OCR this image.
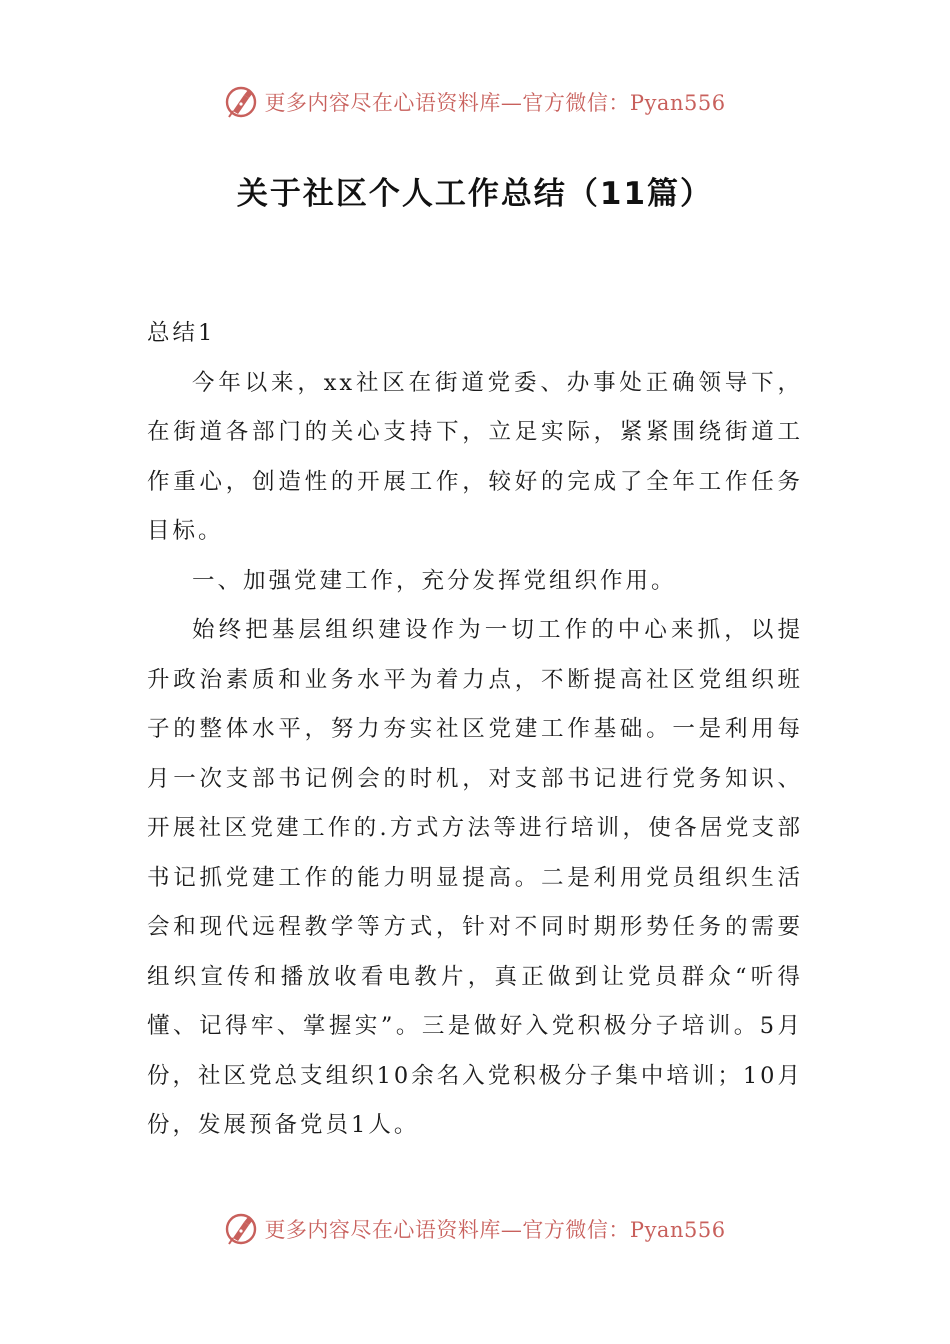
更多内容尽在心语资料库—官方微信：Pyan556
关于社区个人工作总结（11篇）

总结1

今年以来，xx社区在街道党委、办事处正确领导下，在街道各部门的关心支持下，立足实际，紧紧围绕街道工作重心，创造性的开展工作，较好的完成了全年工作任务目标。

一、加强党建工作，充分发挥党组织作用。

始终把基层组织建设作为一切工作的中心来抓，以提升政治素质和业务水平为着力点，不断提高社区党组织班子的整体水平，努力夯实社区党建工作基础。一是利用每月一次支部书记例会的时机，对支部书记进行党务知识、开展社区党建工作的.方式方法等进行培训，使各居党支部书记抓党建工作的能力明显提高。二是利用党员组织生活会和现代远程教学等方式，针对不同时期形势任务的需要组织宣传和播放收看电教片，真正做到让党员群众“听得懂、记得牢、掌握实”。三是做好入党积极分子培训。5月份，社区党总支组织10余名入党积极分子集中培训；10月份，发展预备党员1人。

更多内容尽在心语资料库—官方微信：Pyan556
